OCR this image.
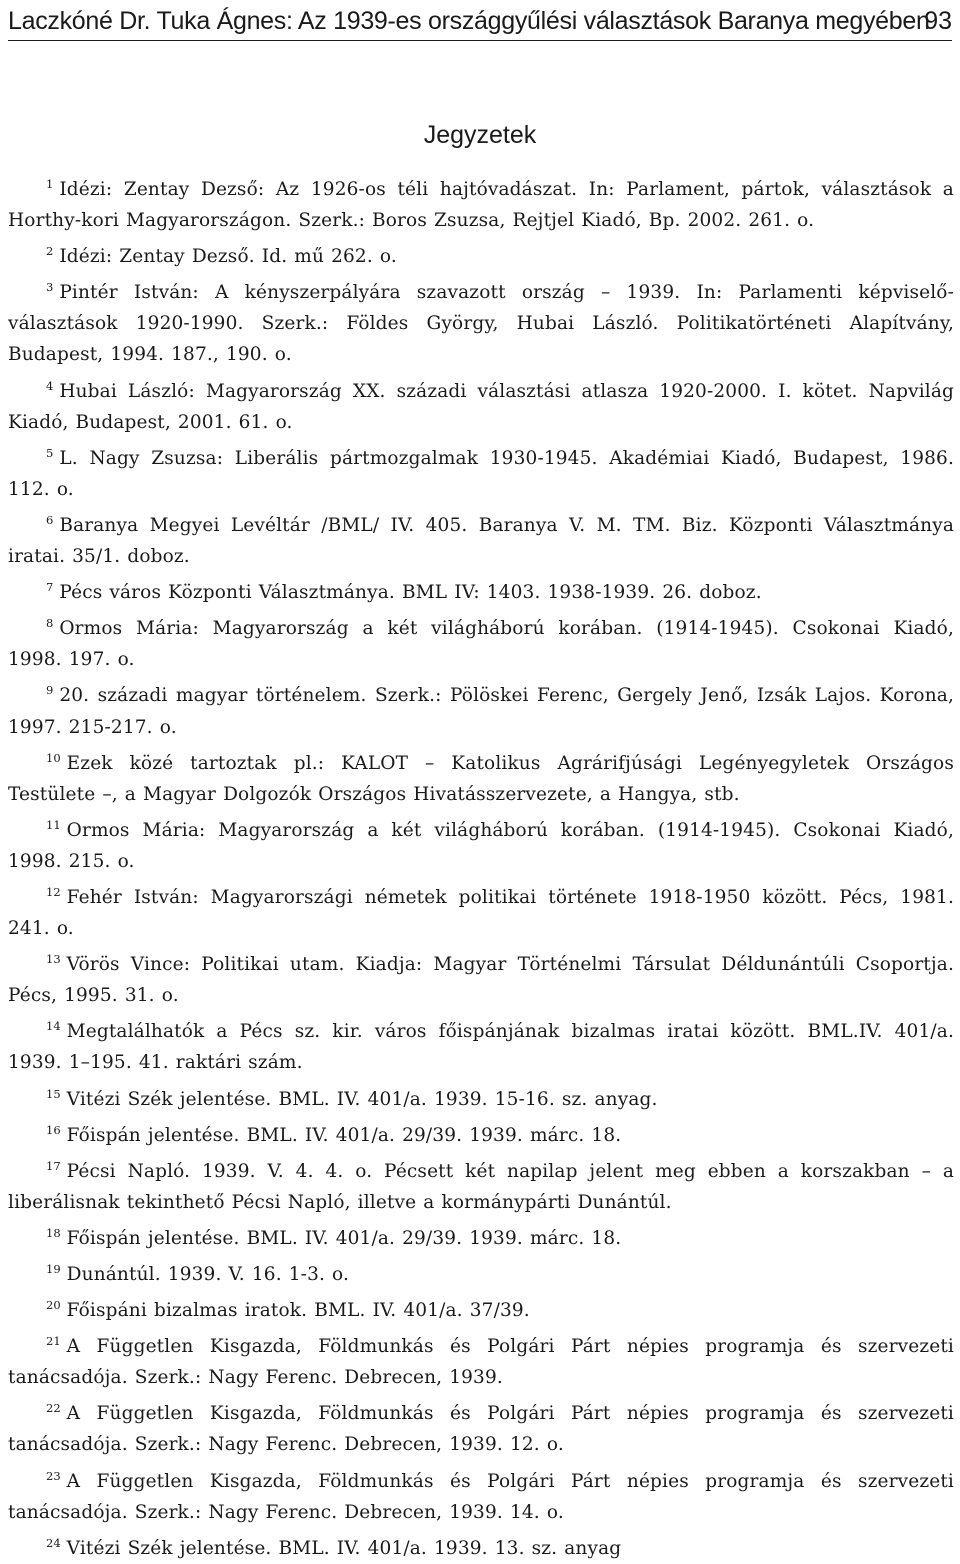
Laczkóné Dr. Tuka Ágnes: Az 1939-es országgyűlési választások Baranya megyében
93
Jegyzetek

$^1$ Idézi: Zentay Dezső: Az 1926-os téli hajtóvadászat. In: Parlament, pártok, választások a Horthy-kori Magyarországon. Szerk.: Boros Zsuzsa, Rejtjel Kiadó, Bp. 2002. 261. o.

$^2$ Idézi: Zentay Dezső. Id. mű 262. o.

$^3$ Pintér István: A kényszerpályára szavazott ország – 1939. In: Parlamenti képviselő-választások 1920-1990. Szerk.: Földes György, Hubai László. Politikatörténeti Alapítvány, Budapest, 1994. 187., 190. o.

$^4$ Hubai László: Magyarország XX. századi választási atlasza 1920-2000. I. kötet. Napvilág Kiadó, Budapest, 2001. 61. o.

$^5$ L. Nagy Zsuzsa: Liberális pártmozgalmak 1930-1945. Akadémiai Kiadó, Budapest, 1986. 112. o.

$^6$ Baranya Megyei Levéltár /BML/ IV. 405. Baranya V. M. TM. Biz. Központi Választmánya iratai. 35/1. doboz.

$^7$ Pécs város Központi Választmánya. BML IV: 1403. 1938-1939. 26. doboz.

$^8$ Ormos Mária: Magyarország a két világháború korában. (1914-1945). Csokonai Kiadó, 1998. 197. o.

$^9$ 20. századi magyar történelem. Szerk.: Pölöskei Ferenc, Gergely Jenő, Izsák Lajos. Korona, 1997. 215-217. o.

$^{10}$ Ezek közé tartoztak pl.: KALOT – Katolikus Agrárifjúsági Legényegyletek Országos Testülete –, a Magyar Dolgozók Országos Hivatásszervezete, a Hangya, stb.

$^{11}$ Ormos Mária: Magyarország a két világháború korában. (1914-1945). Csokonai Kiadó, 1998. 215. o.

$^{12}$ Fehér István: Magyarországi németek politikai története 1918-1950 között. Pécs, 1981. 241. o.

$^{13}$ Vörös Vince: Politikai utam. Kiadja: Magyar Történelmi Társulat Déldunántúli Csoportja. Pécs, 1995. 31. o.

$^{14}$ Megtalálhatók a Pécs sz. kir. város főispánjának bizalmas iratai között. BML.IV. 401/a. 1939. 1–195. 41. raktári szám.

$^{15}$ Vitézi Szék jelentése. BML. IV. 401/a. 1939. 15-16. sz. anyag.

$^{16}$ Főispán jelentése. BML. IV. 401/a. 29/39. 1939. márc. 18.

$^{17}$ Pécsi Napló. 1939. V. 4. 4. o. Pécsett két napilap jelent meg ebben a korszakban – a liberálisnak tekinthető Pécsi Napló, illetve a kormánypárti Dunántúl.

$^{18}$ Főispán jelentése. BML. IV. 401/a. 29/39. 1939. márc. 18.

$^{19}$ Dunántúl. 1939. V. 16. 1-3. o.

$^{20}$ Főispáni bizalmas iratok. BML. IV. 401/a. 37/39.

$^{21}$ A Független Kisgazda, Földmunkás és Polgári Párt népies programja és szervezeti tanácsadója. Szerk.: Nagy Ferenc. Debrecen, 1939.

$^{22}$ A Független Kisgazda, Földmunkás és Polgári Párt népies programja és szervezeti tanácsadója. Szerk.: Nagy Ferenc. Debrecen, 1939. 12. o.

$^{23}$ A Független Kisgazda, Földmunkás és Polgári Párt népies programja és szervezeti tanácsadója. Szerk.: Nagy Ferenc. Debrecen, 1939. 14. o.

$^{24}$ Vitézi Szék jelentése. BML. IV. 401/a. 1939. 13. sz. anyag
